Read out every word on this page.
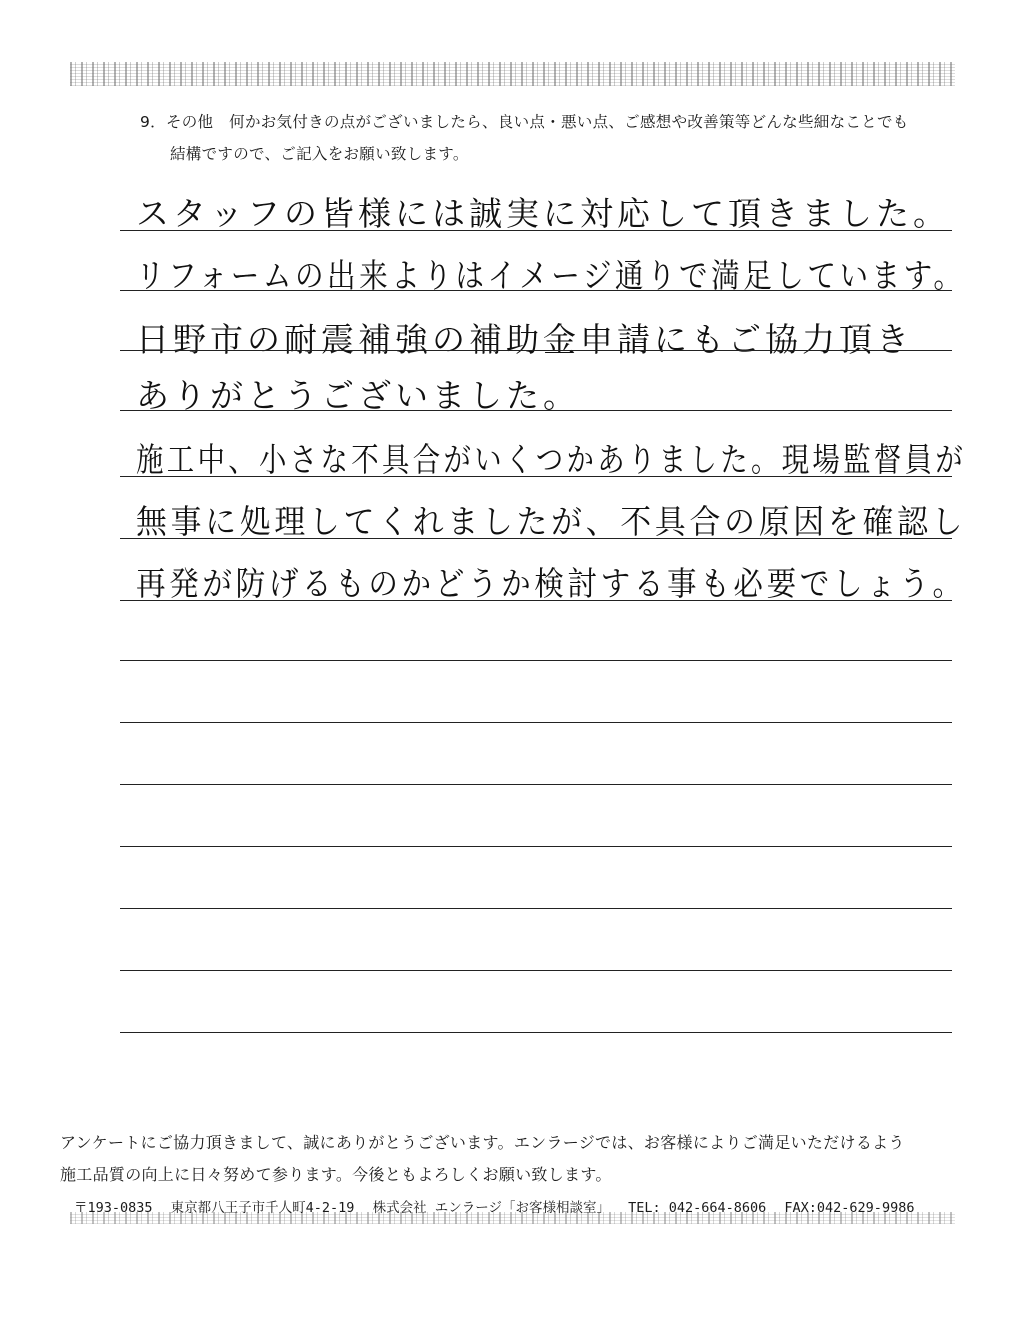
9．その他　何かお気付きの点がございましたら、良い点・悪い点、ご感想や改善策等どんな些細なことでも
結構ですので、ご記入をお願い致します。
スタッフの皆様には誠実に対応して頂きました。
リフォームの出来よりはイメージ通りで満足しています。
日野市の耐震補強の補助金申請にもご協力頂き
ありがとうございました。
施工中、小さな不具合がいくつかありました。現場監督員が
無事に処理してくれましたが、不具合の原因を確認し
再発が防げるものかどうか検討する事も必要でしょう。
アンケートにご協力頂きまして、誠にありがとうございます。エンラージでは、お客様によりご満足いただけるよう
施工品質の向上に日々努めて参ります。今後ともよろしくお願い致します。
〒193-0835 東京都八王子市千人町4-2-19 株式会社 エンラージ「お客様相談室」 TEL: 042-664-8606 FAX:042-629-9986
